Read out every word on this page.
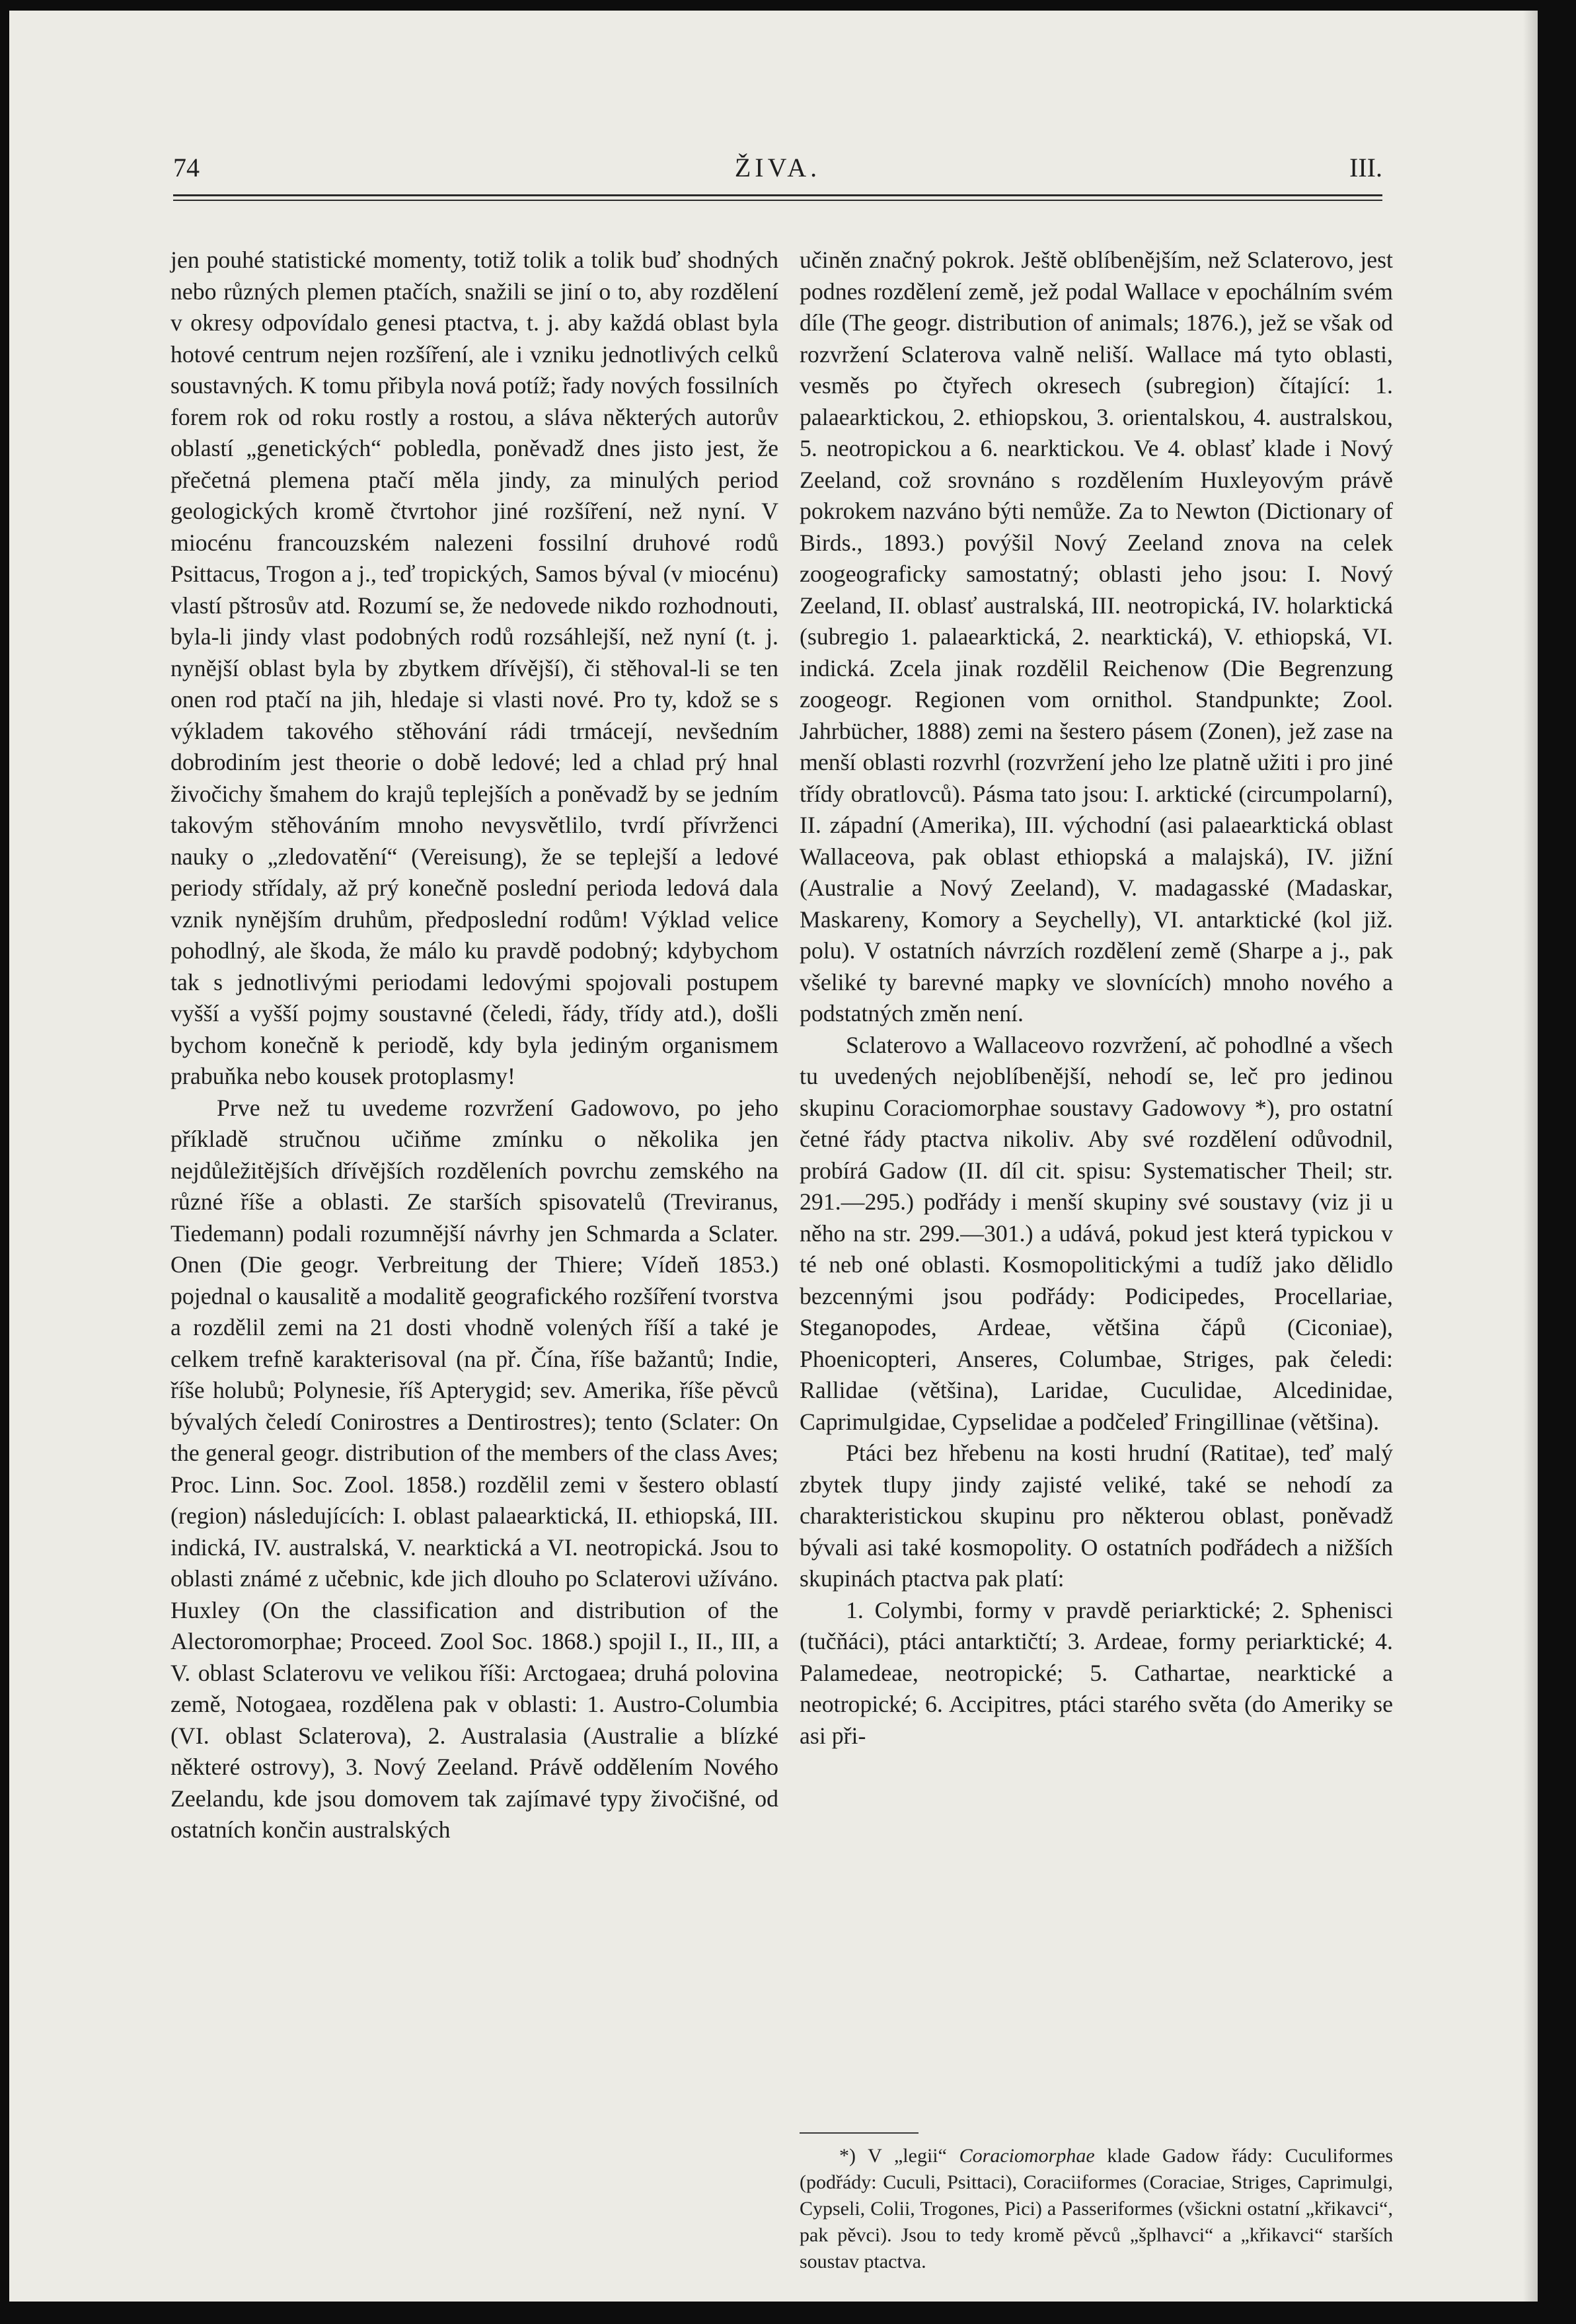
74	ŽIVA.	III.

jen pouhé statistické momenty, totiž tolik a tolik buď shodných nebo různých plemen ptačích, snažili se jiní o to, aby rozdělení v okresy odpovídalo genesi ptactva, t. j. aby každá oblast byla hotové centrum nejen rozšíření, ale i vzniku jednotlivých celků soustavných. K tomu přibyla nová potíž; řady nových fossilních forem rok od roku rostly a rostou, a sláva některých autorův oblastí „genetických“ pobledla, poněvadž dnes jisto jest, že přečetná plemena ptačí měla jindy, za minulých period geologických kromě čtvrtohor jiné rozšíření, než nyní. V miocénu francouzském nalezeni fossilní druhové rodů Psittacus, Trogon a j., teď tropických, Samos býval (v miocénu) vlastí pštrosův atd. Rozumí se, že nedovede nikdo rozhodnouti, byla-li jindy vlast podobných rodů rozsáhlejší, než nyní (t. j. nynější oblast byla by zbytkem dřívější), či stěhoval-li se ten onen rod ptačí na jih, hledaje si vlasti nové. Pro ty, kdož se s výkladem takového stěhování rádi trmácejí, nevšedním dobrodiním jest theorie o době ledové; led a chlad prý hnal živočichy šmahem do krajů teplejších a poněvadž by se jedním takovým stěhováním mnoho nevysvětlilo, tvrdí přívrženci nauky o „zledovatění“ (Vereisung), že se teplejší a ledové periody střídaly, až prý konečně poslední perioda ledová dala vznik nynějším druhům, předposlední rodům! Výklad velice pohodlný, ale škoda, že málo ku pravdě podobný; kdybychom tak s jednotlivými periodami ledovými spojovali postupem vyšší a vyšší pojmy soustavné (čeledi, řády, třídy atd.), došli bychom konečně k periodě, kdy byla jediným organismem prabuňka nebo kousek protoplasmy!

Prve než tu uvedeme rozvržení Gadowovo, po jeho příkladě stručnou učiňme zmínku o několika jen nejdůležitějších dřívějších rozděleních povrchu zemského na různé říše a oblasti. Ze starších spisovatelů (Treviranus, Tiedemann) podali rozumnější návrhy jen Schmarda a Sclater. Onen (Die geogr. Verbreitung der Thiere; Vídeň 1853.) pojednal o kausalitě a modalitě geografického rozšíření tvorstva a rozdělil zemi na 21 dosti vhodně volených říší a také je celkem trefně karakterisoval (na př. Čína, říše bažantů; Indie, říše holubů; Polynesie, říš Apterygid; sev. Amerika, říše pěvců bývalých čeledí Conirostres a Dentirostres); tento (Sclater: On the general geogr. distribution of the members of the class Aves; Proc. Linn. Soc. Zool. 1858.) rozdělil zemi v šestero oblastí (region) následujících: I. oblast palaearktická, II. ethiopská, III. indická, IV. australská, V. nearktická a VI. neotropická. Jsou to oblasti známé z učebnic, kde jich dlouho po Sclaterovi užíváno. Huxley (On the classification and distribution of the Alectoromorphae; Proceed. Zool Soc. 1868.) spojil I., II., III, a V. oblast Sclaterovu ve velikou říši: Arctogaea; druhá polovina země, Notogaea, rozdělena pak v oblasti: 1. Austro-Columbia (VI. oblast Sclaterova), 2. Australasia (Australie a blízké některé ostrovy), 3. Nový Zeeland. Právě oddělením Nového Zeelandu, kde jsou domovem tak zajímavé typy živočišné, od ostatních končin australských

učiněn značný pokrok. Ještě oblíbenějším, než Sclaterovo, jest podnes rozdělení země, jež podal Wallace v epochálním svém díle (The geogr. distribution of animals; 1876.), jež se však od rozvržení Sclaterova valně neliší. Wallace má tyto oblasti, vesměs po čtyřech okresech (subregion) čítající: 1. palaearktickou, 2. ethiopskou, 3. orientalskou, 4. australskou, 5. neotropickou a 6. nearktickou. Ve 4. oblasť klade i Nový Zeeland, což srovnáno s rozdělením Huxleyovým právě pokrokem nazváno býti nemůže. Za to Newton (Dictionary of Birds., 1893.) povýšil Nový Zeeland znova na celek zoogeograficky samostatný; oblasti jeho jsou: I. Nový Zeeland, II. oblasť australská, III. neotropická, IV. holarktická (subregio 1. palaearktická, 2. nearktická), V. ethiopská, VI. indická. Zcela jinak rozdělil Reichenow (Die Begrenzung zoogeogr. Regionen vom ornithol. Standpunkte; Zool. Jahrbücher, 1888) zemi na šestero pásem (Zonen), jež zase na menší oblasti rozvrhl (rozvržení jeho lze platně užiti i pro jiné třídy obratlovců). Pásma tato jsou: I. arktické (circumpolarní), II. západní (Amerika), III. východní (asi palaearktická oblast Wallaceova, pak oblast ethiopská a malajská), IV. jižní (Australie a Nový Zeeland), V. madagasské (Madaskar, Maskareny, Komory a Seychelly), VI. antarktické (kol již. polu). V ostatních návrzích rozdělení země (Sharpe a j., pak všeliké ty barevné mapky ve slovnících) mnoho nového a podstatných změn není.

Sclaterovo a Wallaceovo rozvržení, ač pohodlné a všech tu uvedených nejoblíbenější, nehodí se, leč pro jedinou skupinu Coraciomorphae soustavy Gadowovy *), pro ostatní četné řády ptactva nikoliv. Aby své rozdělení odůvodnil, probírá Gadow (II. díl cit. spisu: Systematischer Theil; str. 291.—295.) podřády i menší skupiny své soustavy (viz ji u něho na str. 299.—301.) a udává, pokud jest která typickou v té neb oné oblasti. Kosmopolitickými a tudíž jako dělidlo bezcennými jsou podřády: Podicipedes, Procellariae, Steganopodes, Ardeae, většina čápů (Ciconiae), Phoenicopteri, Anseres, Columbae, Striges, pak čeledi: Rallidae (většina), Laridae, Cuculidae, Alcedinidae, Caprimulgidae, Cypselidae a podčeleď Fringillinae (většina).

Ptáci bez hřebenu na kosti hrudní (Ratitae), teď malý zbytek tlupy jindy zajisté veliké, také se nehodí za charakteristickou skupinu pro některou oblast, poněvadž bývali asi také kosmopolity. O ostatních podřádech a nižších skupinách ptactva pak platí:

1. Colymbi, formy v pravdě periarktické; 2. Sphenisci (tučňáci), ptáci antarktičtí; 3. Ardeae, formy periarktické; 4. Palamedeae, neotropické; 5. Cathartae, nearktické a neotropické; 6. Accipitres, ptáci starého světa (do Ameriky se asi při-

*) V „legii“ Coraciomorphae klade Gadow řády: Cuculiformes (podřády: Cuculi, Psittaci), Coraciiformes (Coraciae, Striges, Caprimulgi, Cypseli, Colii, Trogones, Pici) a Passeriformes (všickni ostatní „křikavci“, pak pěvci). Jsou to tedy kromě pěvců „šplhavci“ a „křikavci“ starších soustav ptactva.
